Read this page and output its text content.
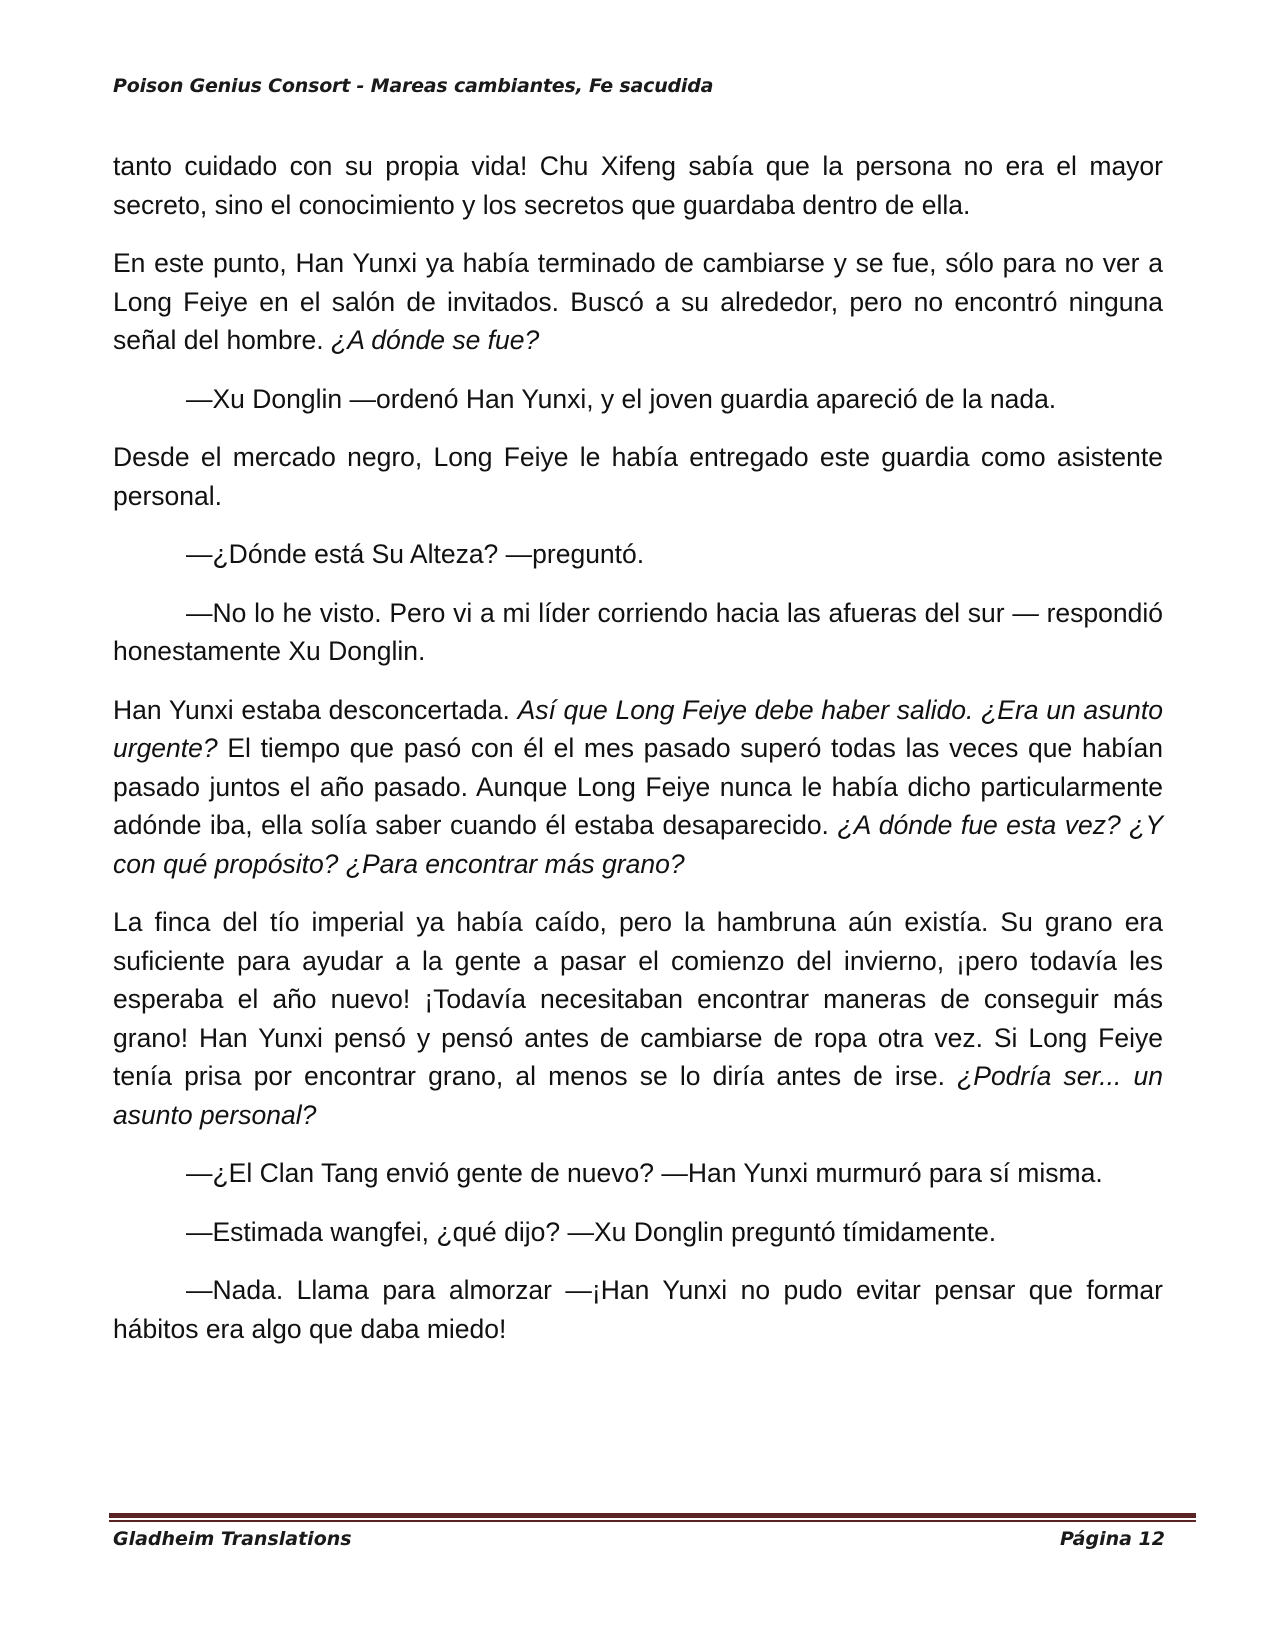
Poison Genius Consort - Mareas cambiantes, Fe sacudida

tanto cuidado con su propia vida! Chu Xifeng sabía que la persona no era el mayor secreto, sino el conocimiento y los secretos que guardaba dentro de ella.

En este punto, Han Yunxi ya había terminado de cambiarse y se fue, sólo para no ver a Long Feiye en el salón de invitados. Buscó a su alrededor, pero no encontró ninguna señal del hombre. ¿A dónde se fue?

—Xu Donglin —ordenó Han Yunxi, y el joven guardia apareció de la nada.

Desde el mercado negro, Long Feiye le había entregado este guardia como asistente personal.

—¿Dónde está Su Alteza? —preguntó.

—No lo he visto. Pero vi a mi líder corriendo hacia las afueras del sur — respondió honestamente Xu Donglin.

Han Yunxi estaba desconcertada. Así que Long Feiye debe haber salido. ¿Era un asunto urgente? El tiempo que pasó con él el mes pasado superó todas las veces que habían pasado juntos el año pasado. Aunque Long Feiye nunca le había dicho particularmente adónde iba, ella solía saber cuando él estaba desaparecido. ¿A dónde fue esta vez? ¿Y con qué propósito? ¿Para encontrar más grano?

La finca del tío imperial ya había caído, pero la hambruna aún existía. Su grano era suficiente para ayudar a la gente a pasar el comienzo del invierno, ¡pero todavía les esperaba el año nuevo! ¡Todavía necesitaban encontrar maneras de conseguir más grano! Han Yunxi pensó y pensó antes de cambiarse de ropa otra vez. Si Long Feiye tenía prisa por encontrar grano, al menos se lo diría antes de irse. ¿Podría ser... un asunto personal?

—¿El Clan Tang envió gente de nuevo? —Han Yunxi murmuró para sí misma.

—Estimada wangfei, ¿qué dijo? —Xu Donglin preguntó tímidamente.

—Nada. Llama para almorzar —¡Han Yunxi no pudo evitar pensar que formar hábitos era algo que daba miedo!

Gladheim Translations	Página 12
